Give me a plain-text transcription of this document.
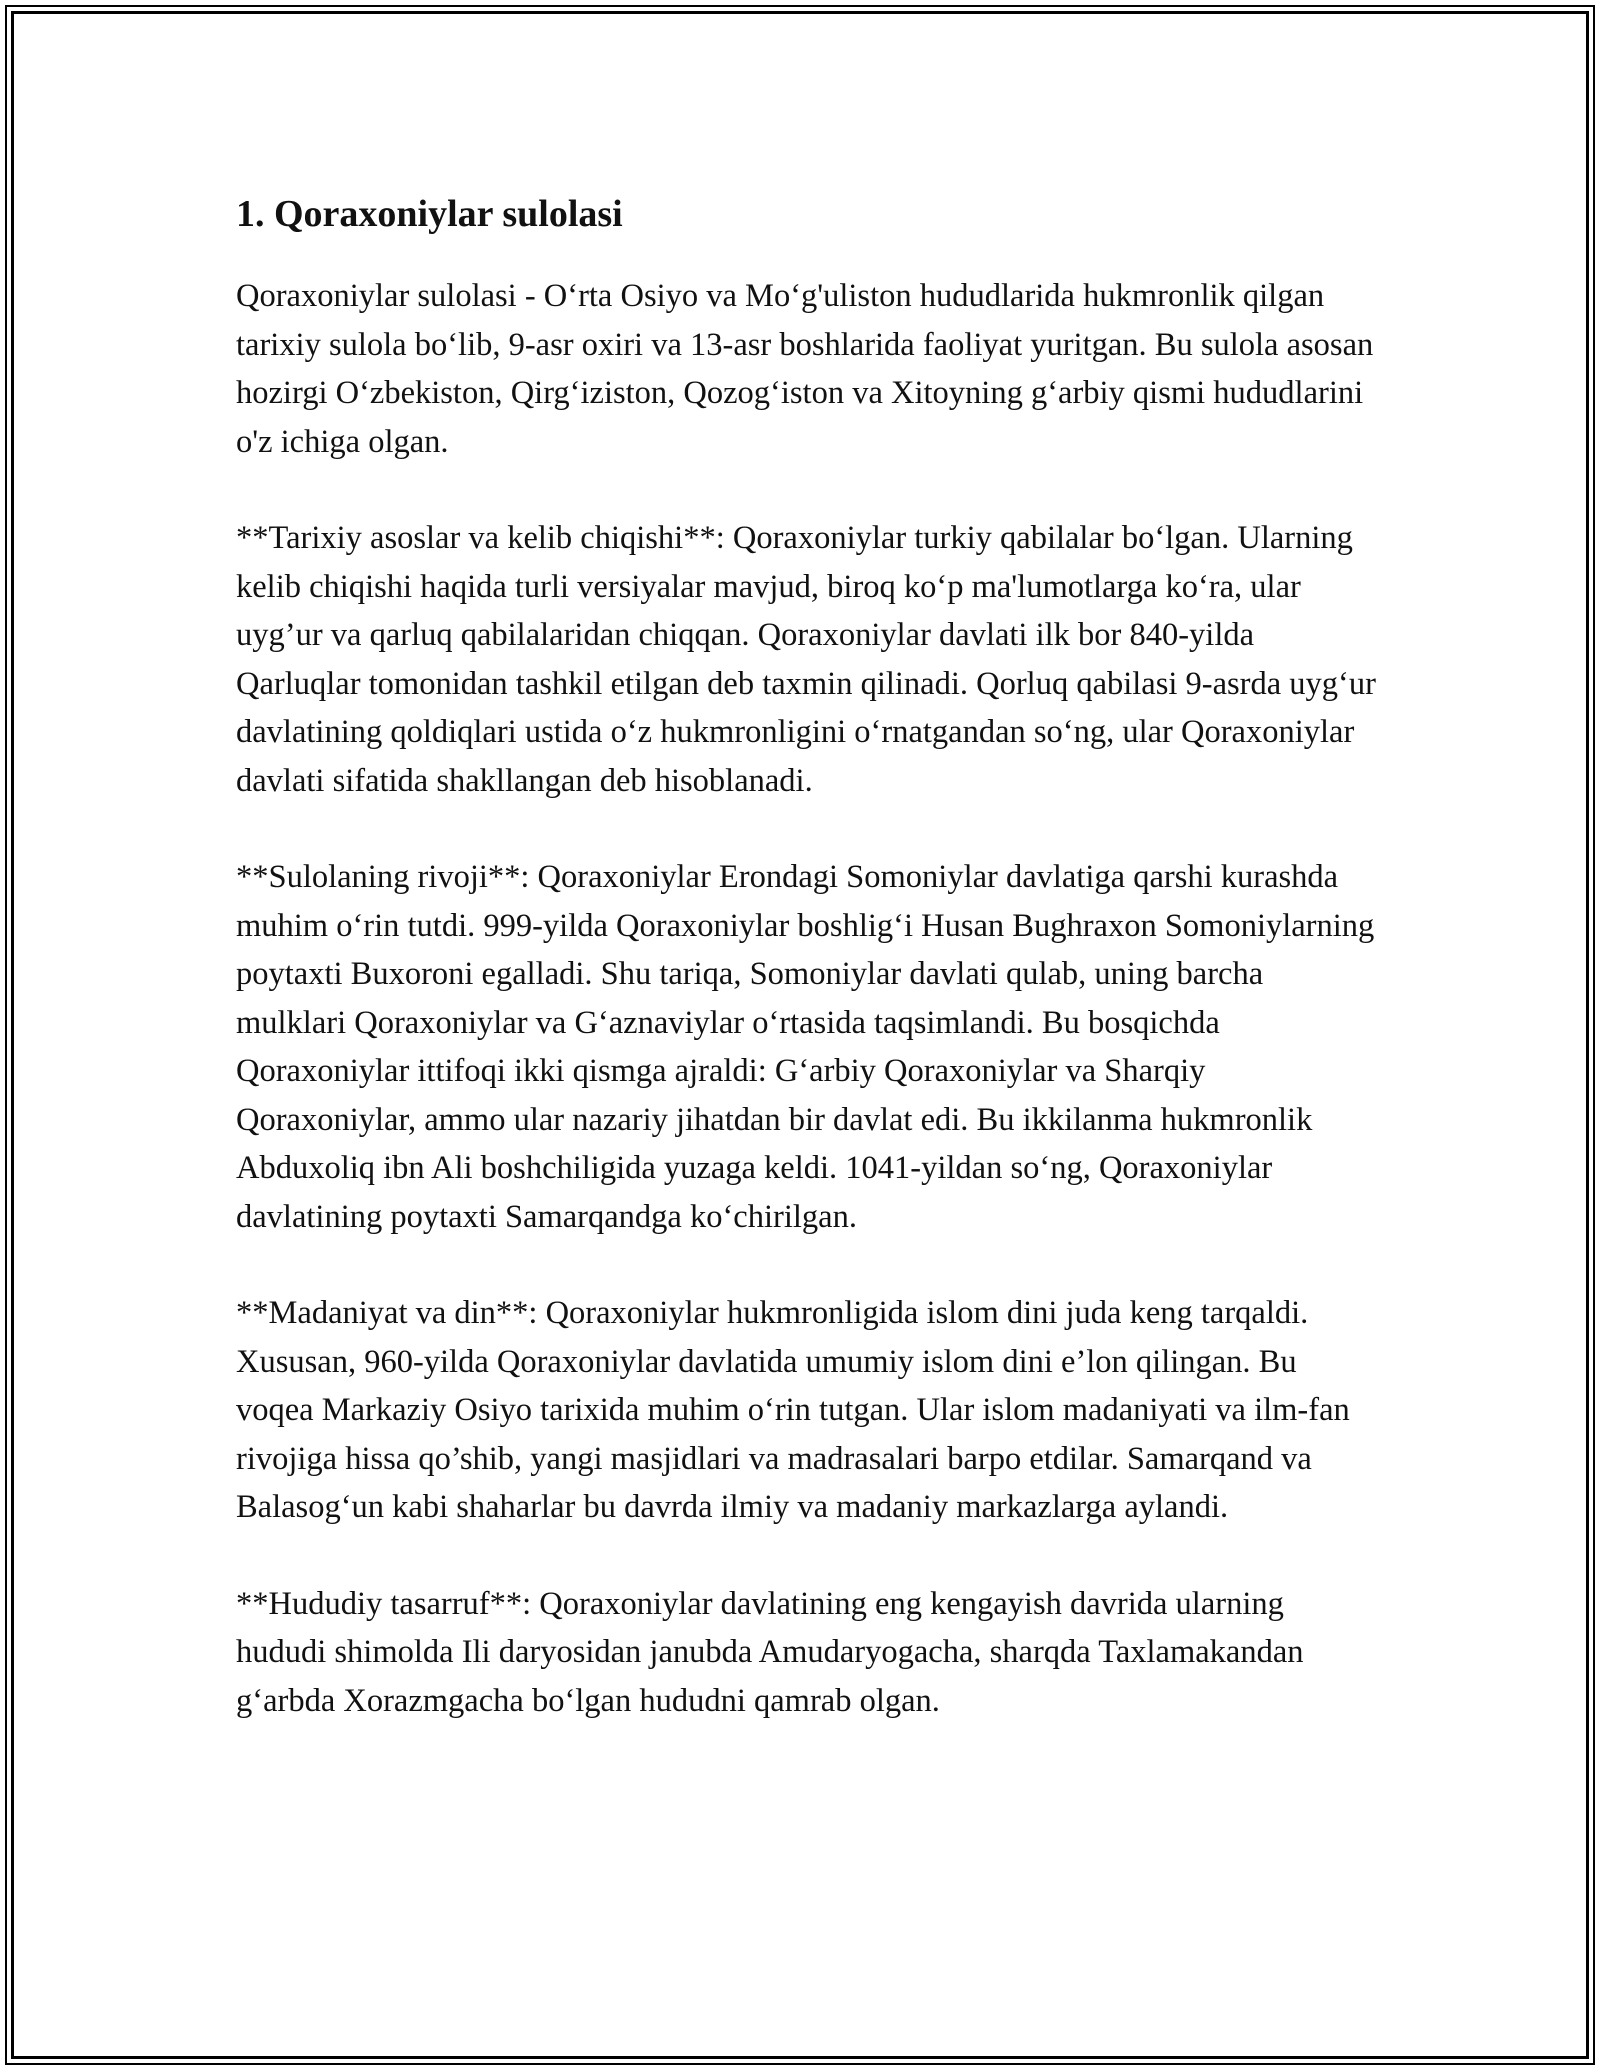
1. Qoraxoniylar sulolasi

Qoraxoniylar sulolasi - O‘rta Osiyo va Mo‘g'uliston hududlarida hukmronlik qilgan tarixiy sulola bo‘lib, 9-asr oxiri va 13-asr boshlarida faoliyat yuritgan. Bu sulola asosan hozirgi O‘zbekiston, Qirg‘iziston, Qozog‘iston va Xitoyning g‘arbiy qismi hududlarini o'z ichiga olgan.

**Tarixiy asoslar va kelib chiqishi**: Qoraxoniylar turkiy qabilalar bo‘lgan. Ularning kelib chiqishi haqida turli versiyalar mavjud, biroq ko‘p ma'lumotlarga ko‘ra, ular uyg’ur va qarluq qabilalaridan chiqqan. Qoraxoniylar davlati ilk bor 840-yilda Qarluqlar tomonidan tashkil etilgan deb taxmin qilinadi. Qorluq qabilasi 9-asrda uyg‘ur davlatining qoldiqlari ustida o‘z hukmronligini o‘rnatgandan so‘ng, ular Qoraxoniylar davlati sifatida shakllangan deb hisoblanadi.

**Sulolaning rivoji**: Qoraxoniylar Erondagi Somoniylar davlatiga qarshi kurashda muhim o‘rin tutdi. 999-yilda Qoraxoniylar boshlig‘i Husan Bughraxon Somoniylarning poytaxti Buxoroni egalladi. Shu tariqa, Somoniylar davlati qulab, uning barcha mulklari Qoraxoniylar va G‘aznaviylar o‘rtasida taqsimlandi. Bu bosqichda Qoraxoniylar ittifoqi ikki qismga ajraldi: G‘arbiy Qoraxoniylar va Sharqiy Qoraxoniylar, ammo ular nazariy jihatdan bir davlat edi. Bu ikkilanma hukmronlik Abduxoliq ibn Ali boshchiligida yuzaga keldi. 1041-yildan so‘ng, Qoraxoniylar davlatining poytaxti Samarqandga ko‘chirilgan.

**Madaniyat va din**: Qoraxoniylar hukmronligida islom dini juda keng tarqaldi. Xususan, 960-yilda Qoraxoniylar davlatida umumiy islom dini e’lon qilingan. Bu voqea Markaziy Osiyo tarixida muhim o‘rin tutgan. Ular islom madaniyati va ilm-fan rivojiga hissa qo’shib, yangi masjidlari va madrasalari barpo etdilar. Samarqand va Balasog‘un kabi shaharlar bu davrda ilmiy va madaniy markazlarga aylandi.

**Hududiy tasarruf**: Qoraxoniylar davlatining eng kengayish davrida ularning hududi shimolda Ili daryosidan janubda Amudaryogacha, sharqda Taxlamakandan g‘arbda Xorazmgacha bo‘lgan hududni qamrab olgan.
